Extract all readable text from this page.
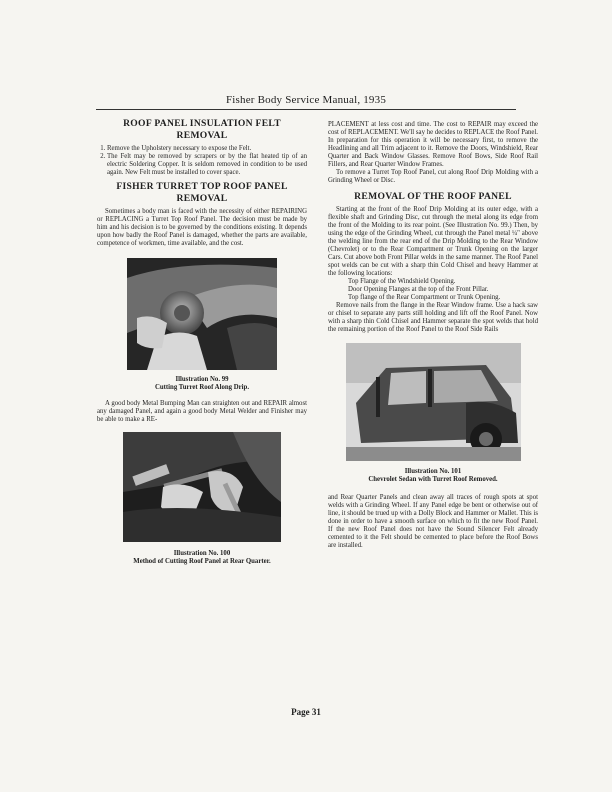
Fisher Body Service Manual, 1935
ROOF PANEL INSULATION FELT REMOVAL
1. Remove the Upholstery necessary to expose the Felt.
2. The Felt may be removed by scrapers or by the flat heated tip of an electric Soldering Copper. It is seldom removed in condition to be used again. New Felt must be installed to cover space.
FISHER TURRET TOP ROOF PANEL REMOVAL

Sometimes a body man is faced with the necessity of either REPAIRING or REPLACING a Turret Top Roof Panel. The decision must be made by him and his decision is to be governed by the conditions existing. It depends upon how badly the Roof Panel is damaged, whether the parts are available, competence of workmen, time available, and the cost.

Illustration No. 99
Cutting Turret Roof Along Drip.

A good body Metal Bumping Man can straighten out and REPAIR almost any damaged Panel, and again a good body Metal Welder and Finisher may be able to make a RE-

Illustration No. 100
Method of Cutting Roof Panel at Rear Quarter.

PLACEMENT at less cost and time. The cost to REPAIR may exceed the cost of REPLACEMENT. We'll say he decides to REPLACE the Roof Panel. In preparation for this operation it will be necessary first, to remove the Headlining and all Trim adjacent to it. Remove the Doors, Windshield, Rear Quarter and Back Window Glasses. Remove Roof Bows, Side Roof Rail Fillers, and Rear Quarter Window Frames.

To remove a Turret Top Roof Panel, cut along Roof Drip Molding with a Grinding Wheel or Disc.

REMOVAL OF THE ROOF PANEL

Starting at the front of the Roof Drip Molding at its outer edge, with a flexible shaft and Grinding Disc, cut through the metal along its edge from the front of the Molding to its rear point. (See Illustration No. 99.) Then, by using the edge of the Grinding Wheel, cut through the Panel metal ¼" above the welding line from the rear end of the Drip Molding to the Rear Window (Chevrolet) or to the Rear Compartment or Trunk Opening on the larger Cars. Cut above both Front Pillar welds in the same manner. The Roof Panel spot welds can be cut with a sharp thin Cold Chisel and heavy Hammer at the following locations:

Top Flange of the Windshield Opening.

Door Opening Flanges at the top of the Front Pillar.

Top flange of the Rear Compartment or Trunk Opening.

Remove nails from the flange in the Rear Window frame. Use a hack saw or chisel to separate any parts still holding and lift off the Roof Panel. Now with a sharp thin Cold Chisel and Hammer separate the spot welds that hold the remaining portion of the Roof Panel to the Roof Side Rails

Illustration No. 101
Chevrolet Sedan with Turret Roof Removed.

and Rear Quarter Panels and clean away all traces of rough spots at spot welds with a Grinding Wheel. If any Panel edge be bent or otherwise out of line, it should be trued up with a Dolly Block and Hammer or Mallet. This is done in order to have a smooth surface on which to fit the new Roof Panel. If the new Roof Panel does not have the Sound Silencer Felt already cemented to it the Felt should be cemented to place before the Roof Bows are installed.

Page 31
